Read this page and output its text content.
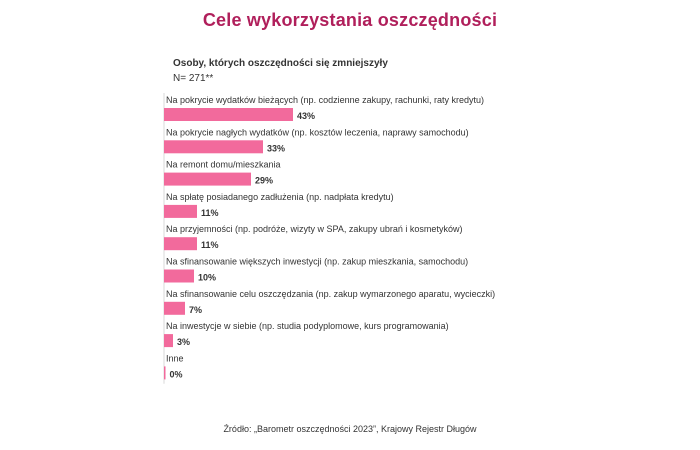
Cele wykorzystania oszczędności
Osoby, których oszczędności się zmniejszyły
N= 271**
Na pokrycie wydatków bieżących (np. codzienne zakupy, rachunki, raty kredytu)
43%
Na pokrycie nagłych wydatków (np. kosztów leczenia, naprawy samochodu)
33%
Na remont domu/mieszkania
29%
Na spłatę posiadanego zadłużenia (np. nadpłata kredytu)
11%
Na przyjemności (np. podróże, wizyty w SPA, zakupy ubrań i kosmetyków)
11%
Na sfinansowanie większych inwestycji (np. zakup mieszkania, samochodu)
10%
Na sfinansowanie celu oszczędzania (np. zakup wymarzonego aparatu, wycieczki)
7%
Na inwestycje w siebie (np. studia podyplomowe, kurs programowania)
3%
Inne
0%
Źródło: „Barometr oszczędności 2023”, Krajowy Rejestr Długów
